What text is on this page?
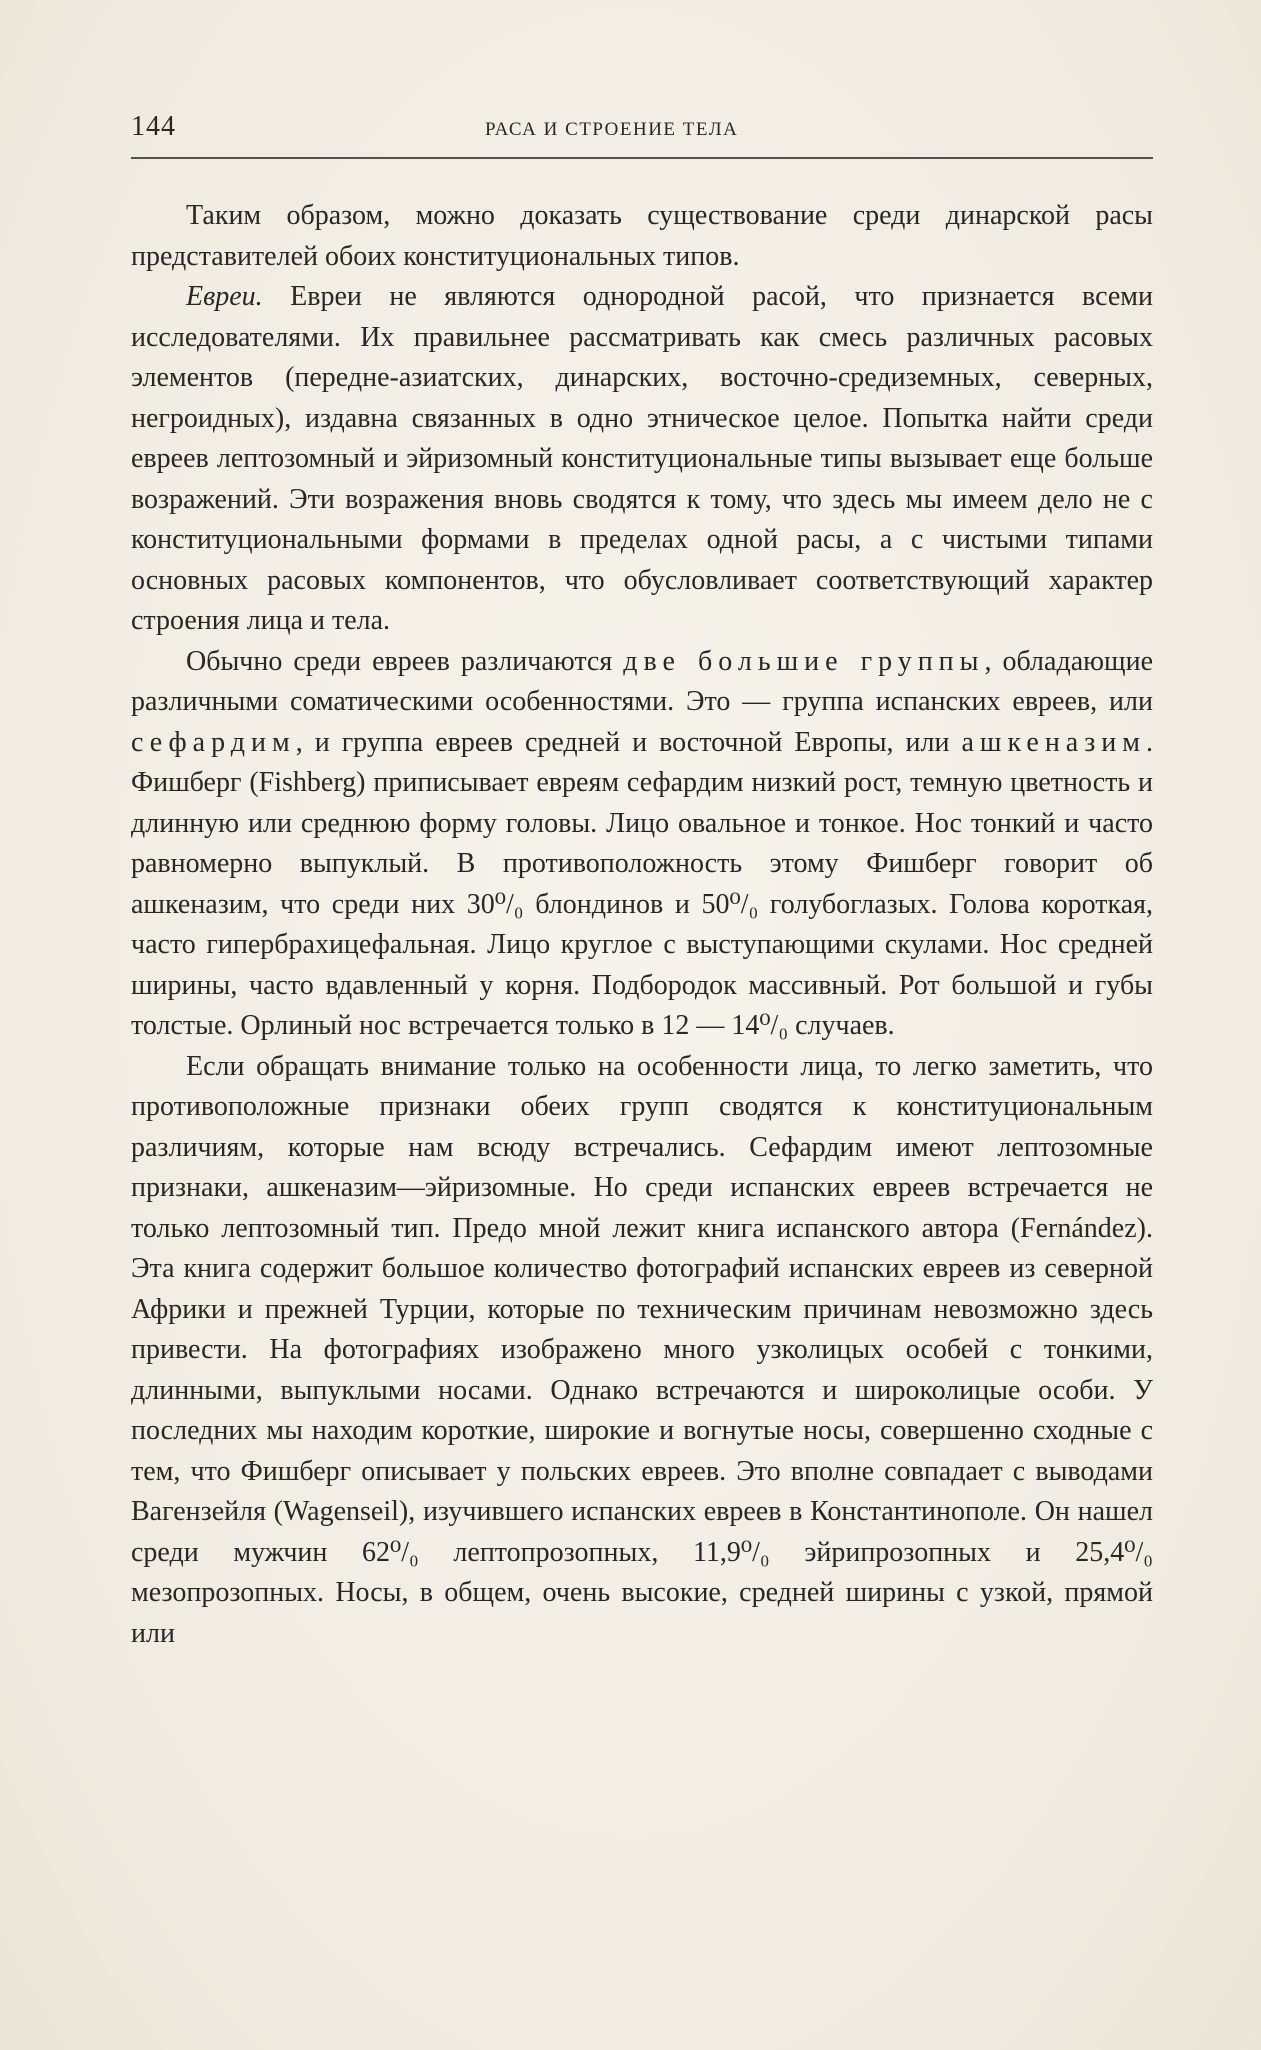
144	РАСА И СТРОЕНИЕ ТЕЛА

Таким образом, можно доказать существование среди динарской расы представителей обоих конституциональных типов.

Евреи. Евреи не являются однородной расой, что признается всеми исследователями. Их правильнее рассматривать как смесь различных расовых элементов (передне-азиатских, динарских, восточно-средиземных, северных, негроидных), издавна связанных в одно этническое целое. Попытка найти среди евреев лептозомный и эйризомный конституциональные типы вызывает еще больше возражений. Эти возражения вновь сводятся к тому, что здесь мы имеем дело не с конституциональными формами в пределах одной расы, а с чистыми типами основных расовых компонентов, что обусловливает соответствующий характер строения лица и тела.

Обычно среди евреев различаются две большие группы, обладающие различными соматическими особенностями. Это — группа испанских евреев, или сефардим, и группа евреев средней и восточной Европы, или ашкеназим. Фишберг (Fishberg) приписывает евреям сефардим низкий рост, темную цветность и длинную или среднюю форму головы. Лицо овальное и тонкое. Нос тонкий и часто равномерно выпуклый. В противоположность этому Фишберг говорит об ашкеназим, что среди них 30⁰/₀ блондинов и 50⁰/₀ голубоглазых. Голова короткая, часто гипербрахицефальная. Лицо круглое с выступающими скулами. Нос средней ширины, часто вдавленный у корня. Подбородок массивный. Рот большой и губы толстые. Орлиный нос встречается только в 12 — 14⁰/₀ случаев.

Если обращать внимание только на особенности лица, то легко заметить, что противоположные признаки обеих групп сводятся к конституциональным различиям, которые нам всюду встречались. Сефардим имеют лептозомные признаки, ашкеназим—эйризомные. Но среди испанских евреев встречается не только лептозомный тип. Предо мной лежит книга испанского автора (Fernández). Эта книга содержит большое количество фотографий испанских евреев из северной Африки и прежней Турции, которые по техническим причинам невозможно здесь привести. На фотографиях изображено много узколицых особей с тонкими, длинными, выпуклыми носами. Однако встречаются и широколицые особи. У последних мы находим короткие, широкие и вогнутые носы, совершенно сходные с тем, что Фишберг описывает у польских евреев. Это вполне совпадает с выводами Вагензейля (Wagenseil), изучившего испанских евреев в Константинополе. Он нашел среди мужчин 62⁰/₀ лептопрозопных, 11,9⁰/₀ эйрипрозопных и 25,4⁰/₀ мезопрозопных. Носы, в общем, очень высокие, средней ширины с узкой, прямой или
